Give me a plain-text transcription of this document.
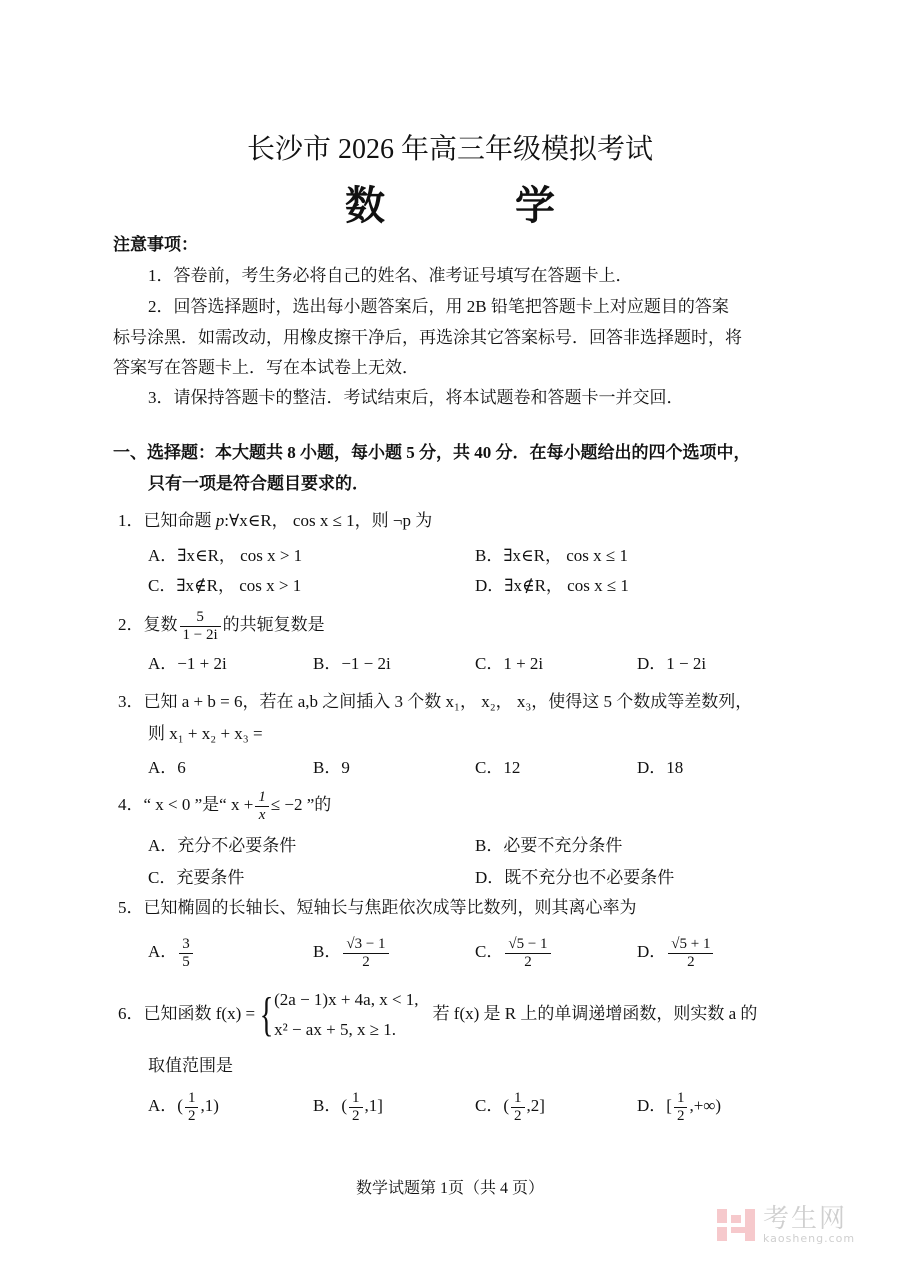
长沙市 2026 年高三年级模拟考试
数 学
注意事项：
1．答卷前，考生务必将自己的姓名、准考证号填写在答题卡上．
2．回答选择题时，选出每小题答案后，用 2B 铅笔把答题卡上对应题目的答案
标号涂黑．如需改动，用橡皮擦干净后，再选涂其它答案标号．回答非选择题时，将
答案写在答题卡上．写在本试卷上无效．
3．请保持答题卡的整洁．考试结束后，将本试题卷和答题卡一并交回．
一、选择题：本大题共 8 小题，每小题 5 分，共 40 分．在每小题给出的四个选项中，
只有一项是符合题目要求的．
1．已知命题 p:∀x∈R， cos x ≤ 1，则 ¬p 为
A．∃x∈R， cos x > 1	B．∃x∈R， cos x ≤ 1
C．∃x∉R， cos x > 1	D．∃x∉R， cos x ≤ 1
2．复数 $\frac{5}{1 - 2i}$ 的共轭复数是
A．−1 + 2i	B．−1 − 2i	C．1 + 2i	D．1 − 2i
3．已知 a + b = 6，若在 a,b 之间插入 3 个数 x₁， x₂， x₃，使得这 5 个数成等差数列，
则 x₁ + x₂ + x₃ =
A．6	B．9	C．12	D．18
4．“ x < 0 ”是“ $x + \frac{1}{x} \le -2$ ”的
A．充分不必要条件	B．必要不充分条件
C．充要条件	D．既不充分也不必要条件
5．已知椭圆的长轴长、短轴长与焦距依次成等比数列，则其离心率为
A． $\frac{3}{5}$	B． $\frac{√3 - 1}{2}$	C． $\frac{√5 - 1}{2}$	D． $\frac{√5 + 1}{2}$
6．已知函数 f(x) ={ (2a − 1)x + 4a, x < 1,
x² − ax + 5, x ≥ 1.
若 f(x) 是 R 上的单调递增函数，则实数 a 的
取值范围是
A．( $\frac{1}{2} ,1$)	B．( $\frac{1}{2} ,1$]	C．( $\frac{1}{2} ,2$]	D．[ $\frac{1}{2}$ ,+∞)
数学试题第 1页（共 4 页）
考生网
kaosheng.com
